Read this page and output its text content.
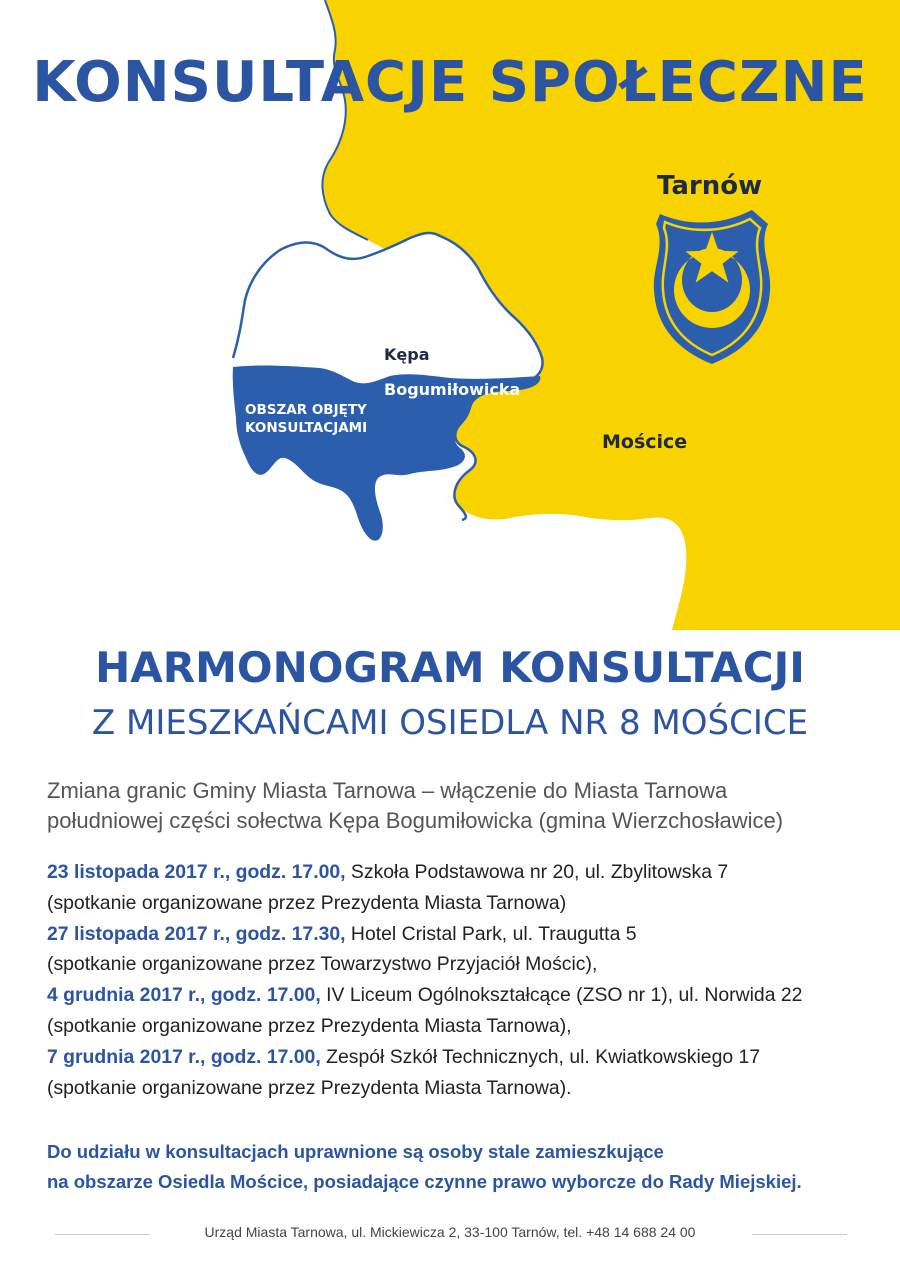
KONSULTACJE SPOŁECZNE
Tarnów
Kępa
Bogumiłowicka
OBSZAR OBJĘTY
KONSULTACJAMI
Mościce
HARMONOGRAM KONSULTACJI
Z MIESZKAŃCAMI OSIEDLA NR 8 MOŚCICE
Zmiana granic Gminy Miasta Tarnowa – włączenie do Miasta Tarnowa
południowej części sołectwa Kępa Bogumiłowicka (gmina Wierzchosławice)
23 listopada 2017 r., godz. 17.00, Szkoła Podstawowa nr 20, ul. Zbylitowska 7
(spotkanie organizowane przez Prezydenta Miasta Tarnowa)
27 listopada 2017 r., godz. 17.30, Hotel Cristal Park, ul. Traugutta 5
(spotkanie organizowane przez Towarzystwo Przyjaciół Mościc),
4 grudnia 2017 r., godz. 17.00, IV Liceum Ogólnokształcące (ZSO nr 1), ul. Norwida 22
(spotkanie organizowane przez Prezydenta Miasta Tarnowa),
7 grudnia 2017 r., godz. 17.00, Zespół Szkół Technicznych, ul. Kwiatkowskiego 17
(spotkanie organizowane przez Prezydenta Miasta Tarnowa).
Do udziału w konsultacjach uprawnione są osoby stale zamieszkujące
na obszarze Osiedla Mościce, posiadające czynne prawo wyborcze do Rady Miejskiej.
Urząd Miasta Tarnowa, ul. Mickiewicza 2, 33-100 Tarnów, tel. +48 14 688 24 00
